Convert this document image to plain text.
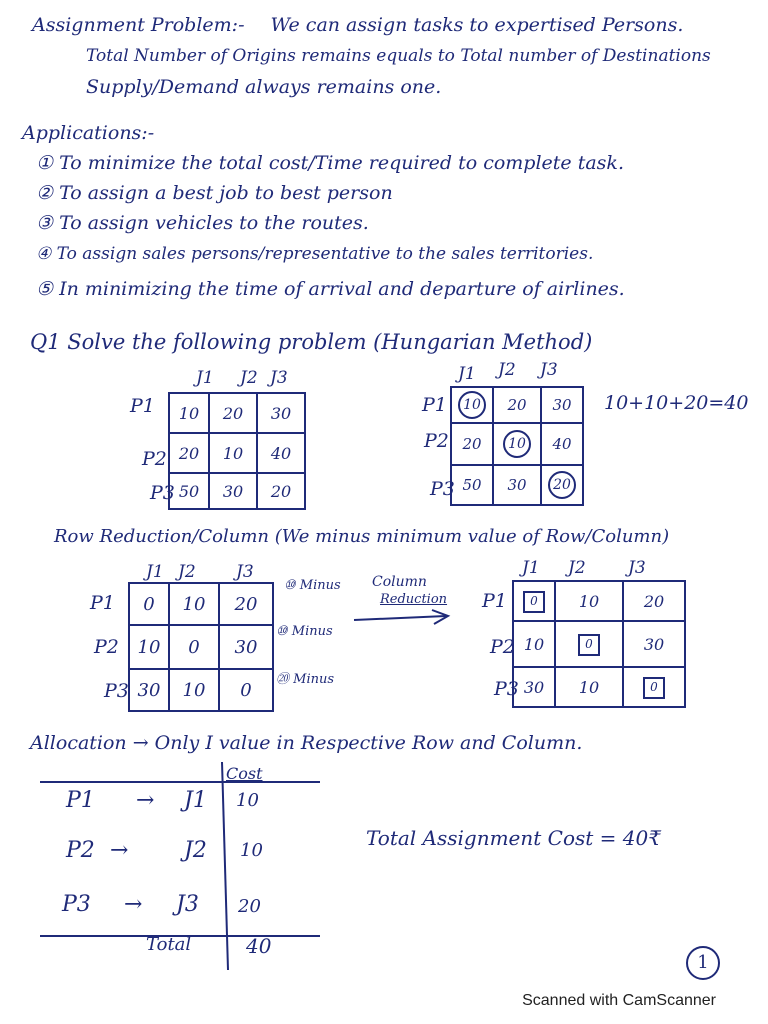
Assignment Problem:- We can assign tasks to expertised Persons.
Total Number of Origins remains equals to Total number of Destinations
Supply/Demand always remains one.
Applications:-
① To minimize the total cost/Time required to complete task.
② To assign a best job to best person
③ To assign vehicles to the routes.
④ To assign sales persons/representative to the sales territories.
⑤ In minimizing the time of arrival and departure of airlines.
Q1 Solve the following problem (Hungarian Method)
J1 J2 J3
P1
P2
P3
10	20	30
20	10	40
50	30	20
J1 J2 J3
P1
P2
P3
10	20	30
20	10	40
50	30	20
10+10+20=40
Row Reduction/Column (We minus minimum value of Row/Column)
J1 J2 J3
P1
P2
P3
0	10	20
10	0	30
30	10	0
⑩ Minus
⑩ Minus
⑳ Minus
Column
Reduction
J1 J2 J3
P1
P2
P3
0	10	20
10	0	30
30	10	0
Allocation → Only I value in Respective Row and Column.
Cost
P1 → J1 10
P2 →	J2 10
P3 → J3 20
Total	40
Total Assignment Cost = 40₹
1
Scanned with CamScanner
